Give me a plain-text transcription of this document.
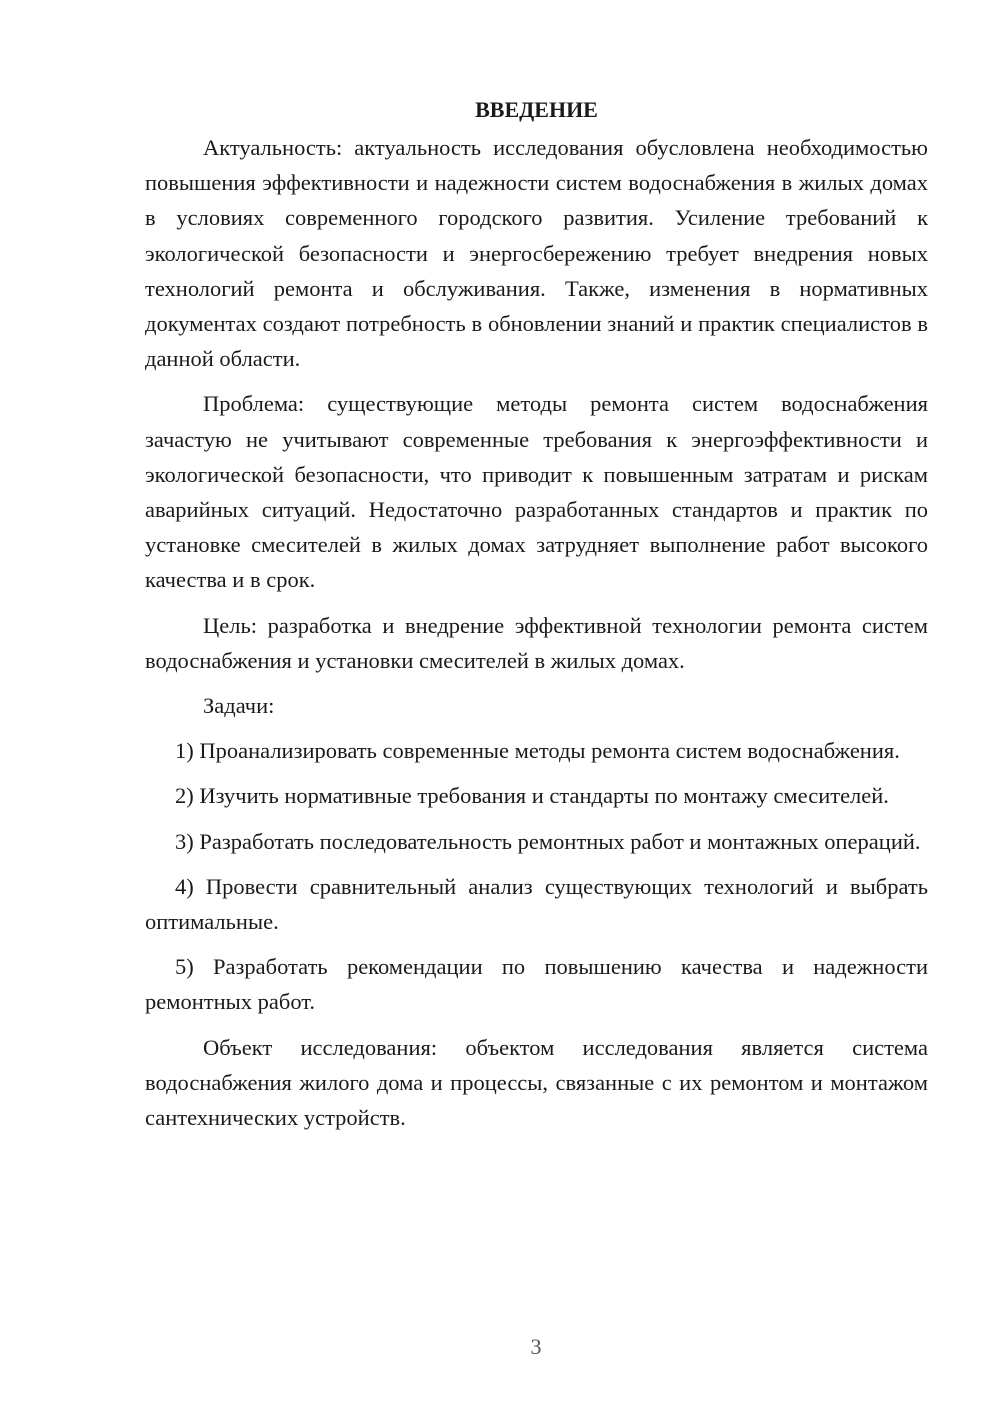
ВВЕДЕНИЕ

Актуальность: актуальность исследования обусловлена необходимостью повышения эффективности и надежности систем водоснабжения в жилых домах в условиях современного городского развития. Усиление требований к экологической безопасности и энергосбережению требует внедрения новых технологий ремонта и обслуживания. Также, изменения в нормативных документах создают потребность в обновлении знаний и практик специалистов в данной области.

Проблема: существующие методы ремонта систем водоснабжения зачастую не учитывают современные требования к энергоэффективности и экологической безопасности, что приводит к повышенным затратам и рискам аварийных ситуаций. Недостаточно разработанных стандартов и практик по установке смесителей в жилых домах затрудняет выполнение работ высокого качества и в срок.

Цель: разработка и внедрение эффективной технологии ремонта систем водоснабжения и установки смесителей в жилых домах.

Задачи:

1) Проанализировать современные методы ремонта систем водоснабжения.

2) Изучить нормативные требования и стандарты по монтажу смесителей.

3) Разработать последовательность ремонтных работ и монтажных операций.

4) Провести сравнительный анализ существующих технологий и выбрать оптимальные.

5) Разработать рекомендации по повышению качества и надежности ремонтных работ.

Объект исследования: объектом исследования является система водоснабжения жилого дома и процессы, связанные с их ремонтом и монтажом сантехнических устройств.

3
